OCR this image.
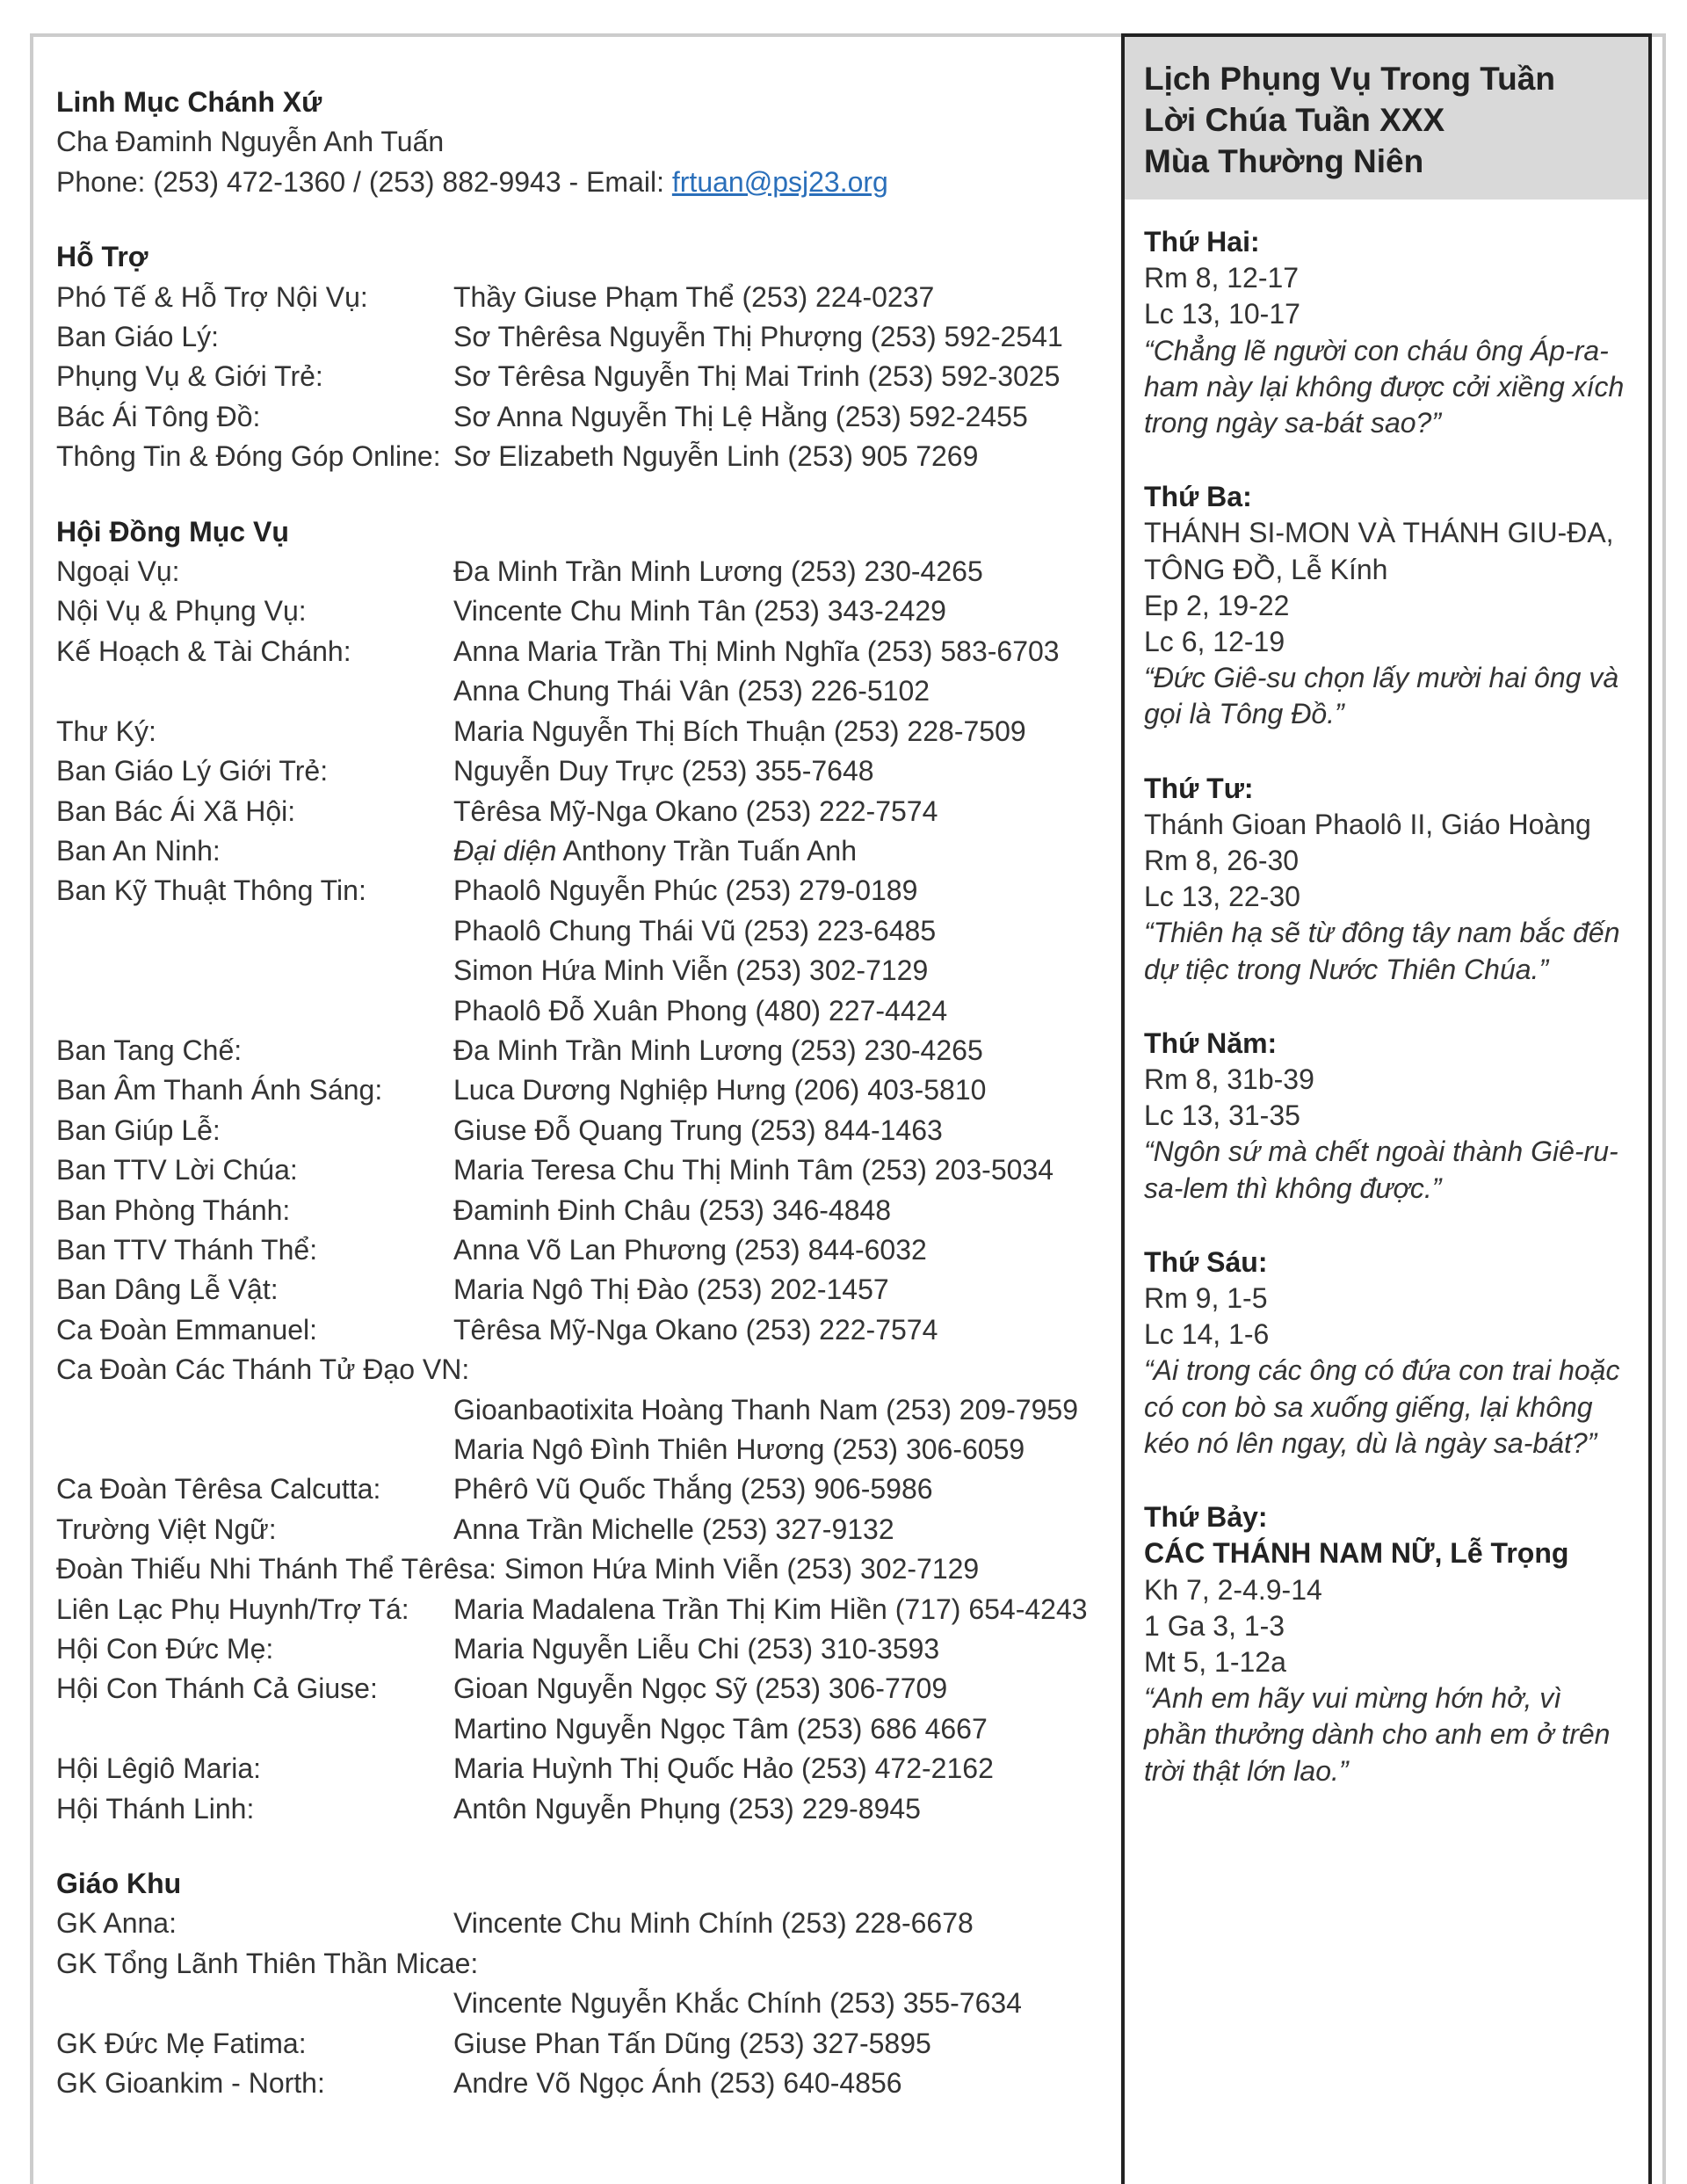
Linh Mục Chánh Xứ
Cha Đaminh Nguyễn Anh Tuấn
Phone: (253) 472-1360 / (253) 882-9943 - Email: frtuan@psj23.org
Hỗ Trợ
Phó Tế & Hỗ Trợ Nội Vụ:	Thầy Giuse Phạm Thể (253) 224-0237
Ban Giáo Lý:	Sơ Thêrêsa Nguyễn Thị Phượng (253) 592-2541
Phụng Vụ & Giới Trẻ:	Sơ Têrêsa Nguyễn Thị Mai Trinh (253) 592-3025
Bác Ái Tông Đồ:	Sơ Anna Nguyễn Thị Lệ Hằng (253) 592-2455
Thông Tin & Đóng Góp Online: Sơ Elizabeth Nguyễn Linh (253) 905 7269
Hội Đồng Mục Vụ
Ngoại Vụ:	Đa Minh Trần Minh Lương (253) 230-4265
Nội Vụ & Phụng Vụ:	Vincente Chu Minh Tân (253) 343-2429
Kế Hoạch & Tài Chánh:	Anna Maria Trần Thị Minh Nghĩa (253) 583-6703
Anna Chung Thái Vân (253) 226-5102
Thư Ký:	Maria Nguyễn Thị Bích Thuận (253) 228-7509
Ban Giáo Lý Giới Trẻ:	Nguyễn Duy Trực (253) 355-7648
Ban Bác Ái Xã Hội:	Têrêsa Mỹ-Nga Okano (253) 222-7574
Ban An Ninh:	Đại diện Anthony Trần Tuấn Anh
Ban Kỹ Thuật Thông Tin:	Phaolô Nguyễn Phúc (253) 279-0189
Phaolô Chung Thái Vũ (253) 223-6485
Simon Hứa Minh Viễn (253) 302-7129
Phaolô Đỗ Xuân Phong (480) 227-4424
Ban Tang Chế:	Đa Minh Trần Minh Lương (253) 230-4265
Ban Âm Thanh Ánh Sáng:	Luca Dương Nghiệp Hưng (206) 403-5810
Ban Giúp Lễ:	Giuse Đỗ Quang Trung (253) 844-1463
Ban TTV Lời Chúa:	Maria Teresa Chu Thị Minh Tâm (253) 203-5034
Ban Phòng Thánh:	Đaminh Đinh Châu (253) 346-4848
Ban TTV Thánh Thể:	Anna Võ Lan Phương (253) 844-6032
Ban Dâng Lễ Vật:	Maria Ngô Thị Đào (253) 202-1457
Ca Đoàn Emmanuel:	Têrêsa Mỹ-Nga Okano (253) 222-7574
Ca Đoàn Các Thánh Tử Đạo VN:
Gioanbaotixita Hoàng Thanh Nam (253) 209-7959
Maria Ngô Đình Thiên Hương (253) 306-6059
Ca Đoàn Têrêsa Calcutta:	Phêrô Vũ Quốc Thắng (253) 906-5986
Trường Việt Ngữ:	Anna Trần Michelle (253) 327-9132
Đoàn Thiếu Nhi Thánh Thể Têrêsa: Simon Hứa Minh Viễn (253) 302-7129
Liên Lạc Phụ Huynh/Trợ Tá:	Maria Madalena Trần Thị Kim Hiền (717) 654-4243
Hội Con Đức Mẹ:	Maria Nguyễn Liễu Chi (253) 310-3593
Hội Con Thánh Cả Giuse:	Gioan Nguyễn Ngọc Sỹ (253) 306-7709
Martino Nguyễn Ngọc Tâm (253) 686 4667
Hội Lêgiô Maria:	Maria Huỳnh Thị Quốc Hảo (253) 472-2162
Hội Thánh Linh:	Antôn Nguyễn Phụng (253) 229-8945
Giáo Khu
GK Anna:	Vincente Chu Minh Chính (253) 228-6678
GK Tổng Lãnh Thiên Thần Micae:
Vincente Nguyễn Khắc Chính (253) 355-7634
GK Đức Mẹ Fatima:	Giuse Phan Tấn Dũng (253) 327-5895
GK Gioankim - North:	Andre Võ Ngọc Ánh (253) 640-4856
Lịch Phụng Vụ Trong Tuần
Lời Chúa Tuần XXX
Mùa Thường Niên
Thứ Hai:
Rm 8, 12-17
Lc 13, 10-17
“Chẳng lẽ người con cháu ông Áp-ra-ham này lại không được cởi xiềng xích trong ngày sa-bát sao?”
Thứ Ba:
THÁNH SI-MON VÀ THÁNH GIU-ĐA, TÔNG ĐỒ, Lễ Kính
Ep 2, 19-22
Lc 6, 12-19
“Đức Giê-su chọn lấy mười hai ông và gọi là Tông Đồ.”
Thứ Tư:
Thánh Gioan Phaolô II, Giáo Hoàng
Rm 8, 26-30
Lc 13, 22-30
“Thiên hạ sẽ từ đông tây nam bắc đến dự tiệc trong Nước Thiên Chúa.”
Thứ Năm:
Rm 8, 31b-39
Lc 13, 31-35
“Ngôn sứ mà chết ngoài thành Giê-ru-sa-lem thì không được.”
Thứ Sáu:
Rm 9, 1-5
Lc 14, 1-6
“Ai trong các ông có đứa con trai hoặc có con bò sa xuống giếng, lại không kéo nó lên ngay, dù là ngày sa-bát?”
Thứ Bảy:
CÁC THÁNH NAM NỮ, Lễ Trọng
Kh 7, 2-4.9-14
1 Ga 3, 1-3
Mt 5, 1-12a
“Anh em hãy vui mừng hớn hở, vì phần thưởng dành cho anh em ở trên trời thật lớn lao.”
